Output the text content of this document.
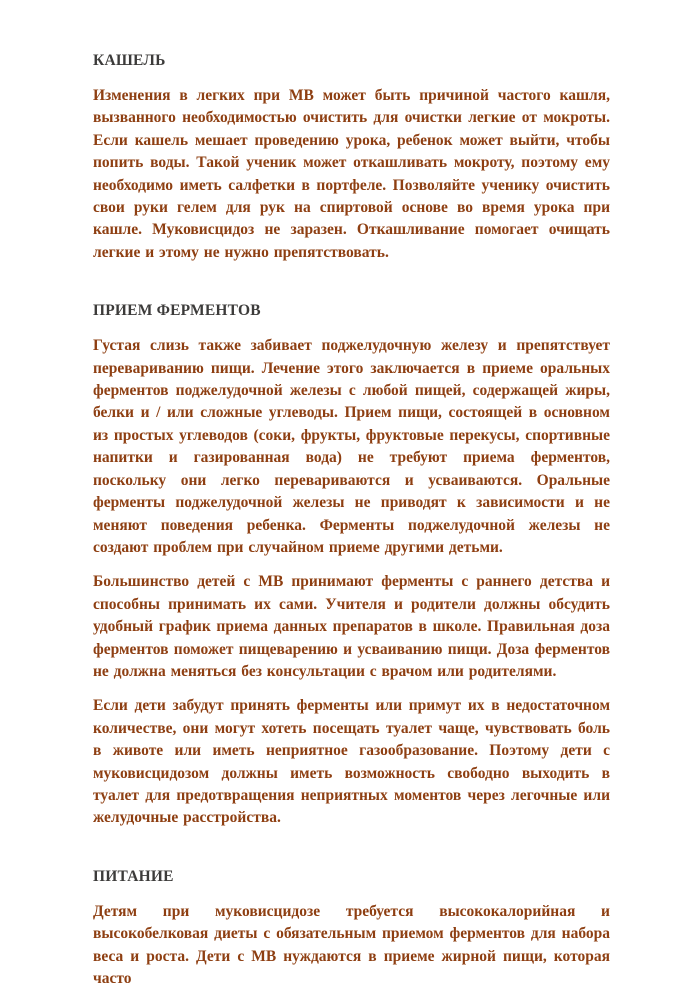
КАШЕЛЬ

Изменения в легких при МВ может быть причиной частого кашля, вызванного необходимостью очистить для очистки легкие от мокроты. Если кашель мешает проведению урока, ребенок может выйти, чтобы попить воды. Такой ученик может откашливать мокроту, поэтому ему необходимо иметь салфетки в портфеле. Позволяйте ученику очистить свои руки гелем для рук на спиртовой основе во время урока при кашле. Муковисцидоз не заразен. Откашливание помогает очищать легкие и этому не нужно препятствовать.

ПРИЕМ ФЕРМЕНТОВ

Густая слизь также забивает поджелудочную железу и препятствует перевариванию пищи. Лечение этого заключается в приеме оральных ферментов поджелудочной железы с любой пищей, содержащей жиры, белки и / или сложные углеводы. Прием пищи, состоящей в основном из простых углеводов (соки, фрукты, фруктовые перекусы, спортивные напитки и газированная вода) не требуют приема ферментов, поскольку они легко перевариваются и усваиваются. Оральные ферменты поджелудочной железы не приводят к зависимости и не меняют поведения ребенка. Ферменты поджелудочной железы не создают проблем при случайном приеме другими детьми.

Большинство детей с МВ принимают ферменты с раннего детства и способны принимать их сами. Учителя и родители должны обсудить удобный график приема данных препаратов в школе. Правильная доза ферментов поможет пищеварению и усваиванию пищи. Доза ферментов не должна меняться без консультации с врачом или родителями.

Если дети забудут принять ферменты или примут их в недостаточном количестве, они могут хотеть посещать туалет чаще, чувствовать боль в животе или иметь неприятное газообразование. Поэтому дети с муковисцидозом должны иметь возможность свободно выходить в туалет для предотвращения неприятных моментов через легочные или желудочные расстройства.

ПИТАНИЕ

Детям при муковисцидозе требуется высококалорийная и высокобелковая диеты с обязательным приемом ферментов для набора веса и роста. Дети с МВ нуждаются в приеме жирной пищи, которая часто
